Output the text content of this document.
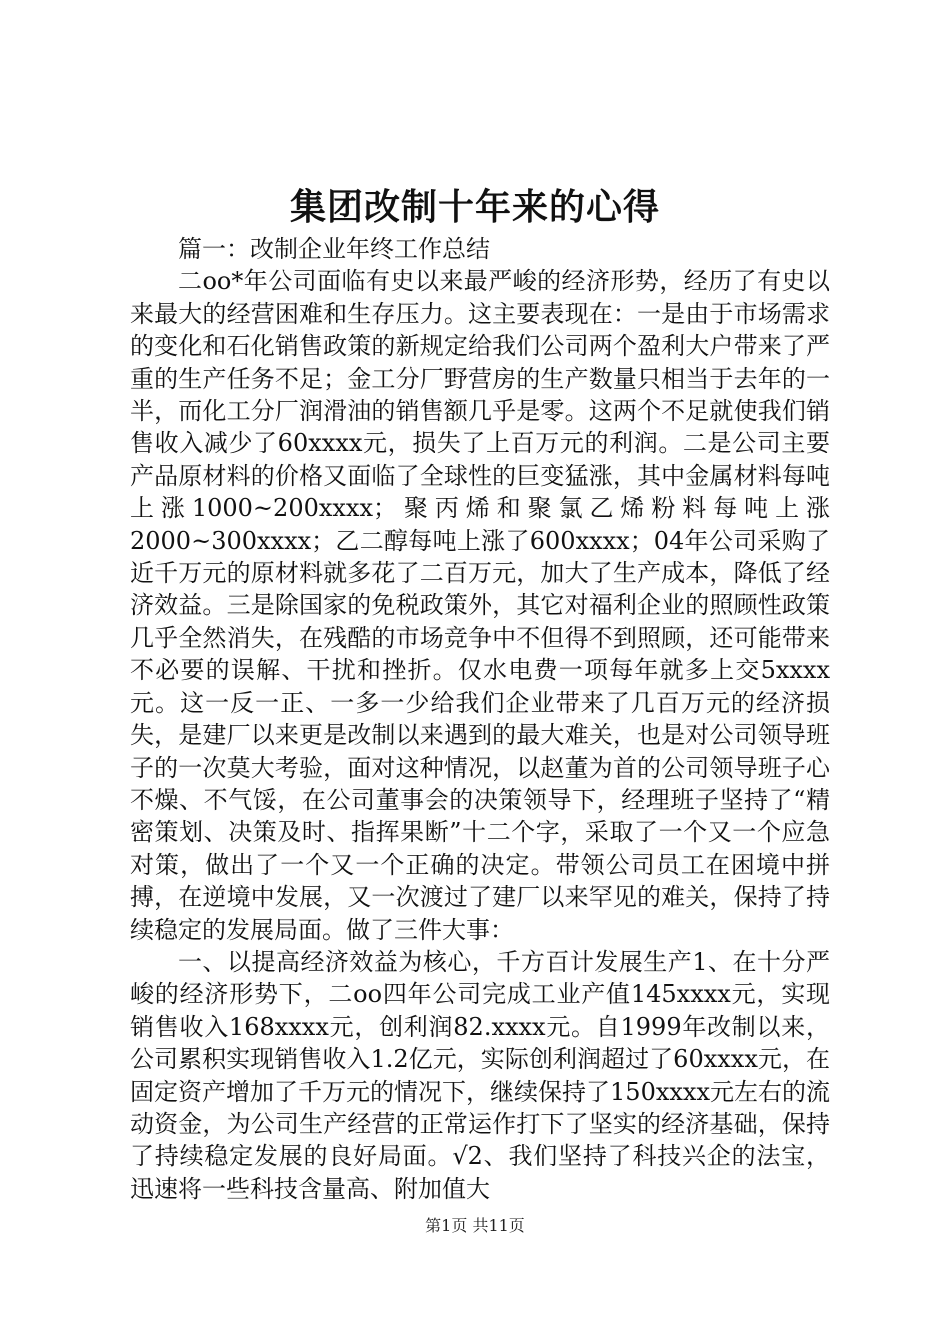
集团改制十年来的心得

篇一：改制企业年终工作总结

二oo*年公司面临有史以来最严峻的经济形势，经历了有史以来最大的经营困难和生存压力。这主要表现在：一是由于市场需求的变化和石化销售政策的新规定给我们公司两个盈利大户带来了严重的生产任务不足；金工分厂野营房的生产数量只相当于去年的一半，而化工分厂润滑油的销售额几乎是零。这两个不足就使我们销售收入减少了60xxxx元，损失了上百万元的利润。二是公司主要产品原材料的价格又面临了全球性的巨变猛涨，其中金属材料每吨上涨1000~200xxxx；聚丙烯和聚氯乙烯粉料每吨上涨2000~300xxxx；乙二醇每吨上涨了600xxxx；04年公司采购了近千万元的原材料就多花了二百万元，加大了生产成本，降低了经济效益。三是除国家的免税政策外，其它对福利企业的照顾性政策几乎全然消失，在残酷的市场竞争中不但得不到照顾，还可能带来不必要的误解、干扰和挫折。仅水电费一项每年就多上交5xxxx元。这一反一正、一多一少给我们企业带来了几百万元的经济损失，是建厂以来更是改制以来遇到的最大难关，也是对公司领导班子的一次莫大考验，面对这种情况，以赵董为首的公司领导班子心不燥、不气馁，在公司董事会的决策领导下，经理班子坚持了“精密策划、决策及时、指挥果断”十二个字，采取了一个又一个应急对策，做出了一个又一个正确的决定。带领公司员工在困境中拼搏，在逆境中发展，又一次渡过了建厂以来罕见的难关，保持了持续稳定的发展局面。做了三件大事：

一、以提高经济效益为核心，千方百计发展生产1、在十分严峻的经济形势下，二oo四年公司完成工业产值145xxxx元，实现销售收入168xxxx元，创利润82.xxxx元。自1999年改制以来，公司累积实现销售收入1.2亿元，实际创利润超过了60xxxx元，在固定资产增加了千万元的情况下，继续保持了150xxxx元左右的流动资金，为公司生产经营的正常运作打下了坚实的经济基础，保持了持续稳定发展的良好局面。√2、我们坚持了科技兴企的法宝，迅速将一些科技含量高、附加值大

第1页 共11页
